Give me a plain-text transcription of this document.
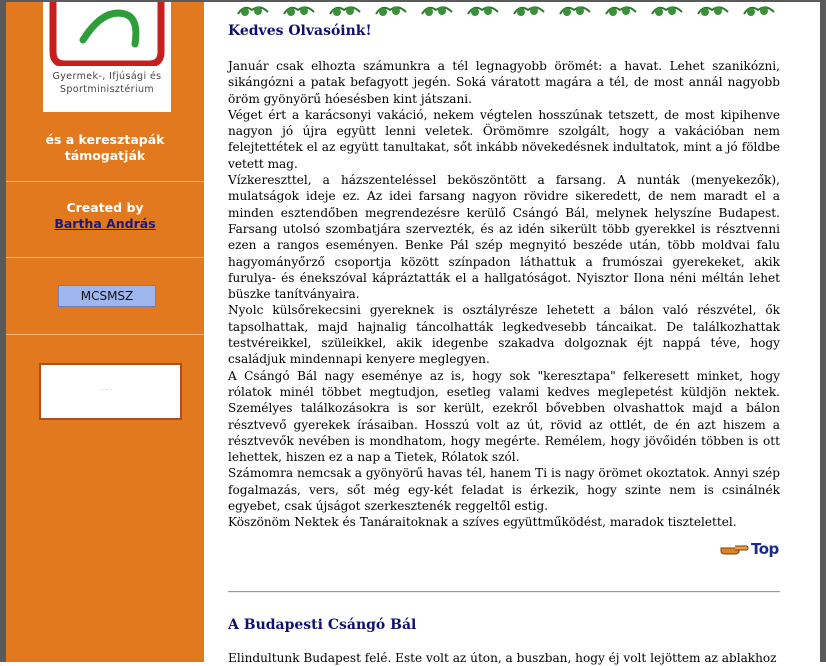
Gyermek-, Ifjúsági és
Sportminisztérium
és a keresztapák
támogatják
Created by
Bartha András
MCSMSZ
· ·· ·
Kedves Olvasóink!

Január csak elhozta számunkra a tél legnagyobb örömét: a havat. Lehet szanikózni, sikángózni a patak befagyott jegén. Soká váratott magára a tél, de most annál nagyobb öröm gyönyörű hóesésben kint játszani.

Véget ért a karácsonyi vakáció, nekem végtelen hosszúnak tetszett, de most kipihenve nagyon jó újra együtt lenni veletek. Örömömre szolgált, hogy a vakációban nem felejtettétek el az együtt tanultakat, sőt inkább növekedésnek indultatok, mint a jó földbe vetett mag.

Vízkereszttel, a házszenteléssel beköszöntött a farsang. A nunták (menyekezők), mulatságok ideje ez. Az idei farsang nagyon rövidre sikeredett, de nem maradt el a minden esztendőben megrendezésre kerülő Csángó Bál, melynek helyszíne Budapest. Farsang utolsó szombatjára szervezték, és az idén sikerült több gyerekkel is résztvenni ezen a rangos eseményen. Benke Pál szép megnyitó beszéde után, több moldvai falu hagyományőrző csoportja között színpadon láthattuk a frumószai gyerekeket, akik furulya- és énekszóval kápráztatták el a hallgatóságot. Nyisztor Ilona néni méltán lehet büszke tanítványaira.

Nyolc külsőrekecsini gyereknek is osztályrésze lehetett a bálon való részvétel, ők tapsolhattak, majd hajnalig táncolhatták legkedvesebb táncaikat. De találkozhattak testvéreikkel, szüleikkel, akik idegenbe szakadva dolgoznak éjt nappá téve, hogy családjuk mindennapi kenyere meglegyen.

A Csángó Bál nagy eseménye az is, hogy sok "keresztapa" felkeresett minket, hogy rólatok minél többet megtudjon, esetleg valami kedves meglepetést küldjön nektek. Személyes találkozásokra is sor került, ezekről bővebben olvashattok majd a bálon résztvevő gyerekek írásaiban. Hosszú volt az út, rövid az ottlét, de én azt hiszem a résztvevők nevében is mondhatom, hogy megérte. Remélem, hogy jövőidén többen is ott lehettek, hiszen ez a nap a Tietek, Rólatok szól.

Számomra nemcsak a gyönyörű havas tél, hanem Ti is nagy örömet okoztatok. Annyi szép fogalmazás, vers, sőt még egy-két feladat is érkezik, hogy szinte nem is csinálnék egyebet, csak újságot szerkesztenék reggeltől estig.

Köszönöm Nektek és Tanáraitoknak a szíves együttműködést, maradok tisztelettel.

Top
A Budapesti Csángó Bál
Elindultunk Budapest felé. Este volt az úton, a buszban, hogy éj volt lejöttem az ablakhoz
